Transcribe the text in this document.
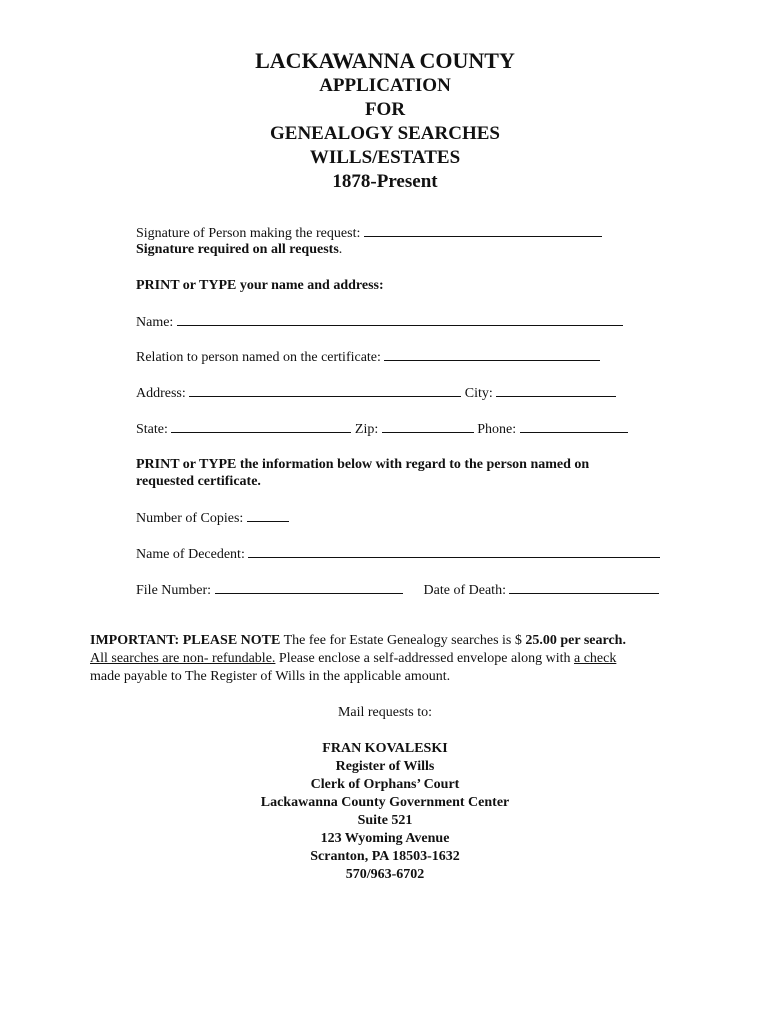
LACKAWANNA COUNTY
APPLICATION
FOR
GENEALOGY SEARCHES
WILLS/ESTATES
1878-Present
Signature of Person making the request:
Signature required on all requests.
PRINT or TYPE your name and address:
Name:
Relation to person named on the certificate:
Address:	City:
State:	Zip:	Phone:
PRINT or TYPE the information below with regard to the person named on
requested certificate.
Number of Copies:
Name of Decedent:
File Number:	Date of Death:
IMPORTANT: PLEASE NOTE The fee for Estate Genealogy searches is $ 25.00 per search.
All searches are non- refundable. Please enclose a self-addressed envelope along with a check
made payable to The Register of Wills in the applicable amount.
Mail requests to:
FRAN KOVALESKI
Register of Wills
Clerk of Orphans’ Court
Lackawanna County Government Center
Suite 521
123 Wyoming Avenue
Scranton, PA 18503-1632
570/963-6702
